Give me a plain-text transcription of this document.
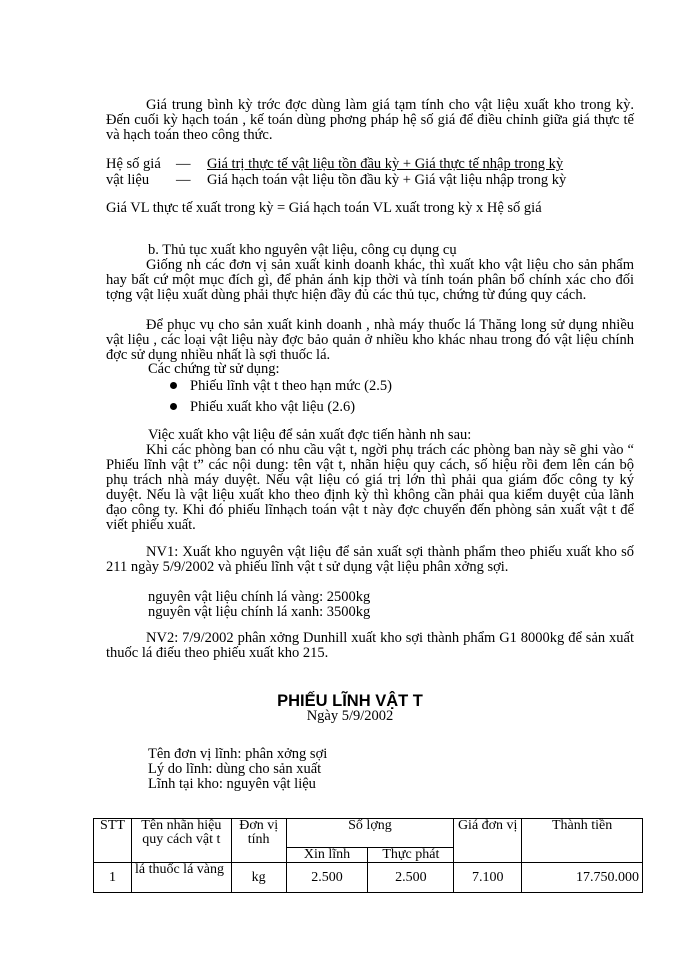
Giá trung bình kỳ trớc đợc dùng làm giá tạm tính cho vật liệu xuất kho trong kỳ. Đến cuối kỳ hạch toán , kế toán dùng phơng pháp hệ số giá để điều chỉnh giữa giá thực tế và hạch toán theo công thức.
Hệ số giá — Giá trị thực tế vật liệu tồn đầu kỳ + Giá thực tế nhập trong kỳ
vật liệu — Giá hạch toán vật liệu tồn đầu kỳ + Giá vật liệu nhập trong kỳ
Giá VL thực tế xuất trong kỳ = Giá hạch toán VL xuất trong kỳ x Hệ số giá
b. Thủ tục xuất kho nguyên vật liệu, công cụ dụng cụ
Giống nh các đơn vị sản xuất kinh doanh khác, thì xuất kho vật liệu cho sản phẩm hay bất cứ một mục đích gì, để phản ánh kịp thời và tính toán phân bổ chính xác cho đối tợng vật liệu xuất dùng phải thực hiện đầy đủ các thủ tục, chứng từ đúng quy cách.
Để phục vụ cho sản xuất kinh doanh , nhà máy thuốc lá Thăng long sử dụng nhiều vật liệu , các loại vật liệu này đợc bảo quản ở nhiều kho khác nhau trong đó vật liệu chính đợc sử dụng nhiều nhất là sợi thuốc lá.
Các chứng từ sử dụng:
Phiếu lĩnh vật t theo hạn mức (2.5)
Phiếu xuất kho vật liệu (2.6)
Việc xuất kho vật liệu để sản xuất đợc tiến hành nh sau:
Khi các phòng ban có nhu cầu vật t, ngời phụ trách các phòng ban này sẽ ghi vào “ Phiếu lĩnh vật t” các nội dung: tên vật t, nhãn hiệu quy cách, số hiệu rồi đem lên cán bộ phụ trách nhà máy duyệt. Nếu vật liệu có giá trị lớn thì phải qua giám đốc công ty ký duyệt. Nếu là vật liệu xuất kho theo định kỳ thì không cần phải qua kiểm duyệt của lãnh đạo công ty. Khi đó phiếu lĩnhạch toán vật t này đợc chuyển đến phòng sản xuất vật t để viết phiếu xuất.
NV1: Xuất kho nguyên vật liệu để sản xuất sợi thành phẩm theo phiếu xuất kho số 211 ngày 5/9/2002 và phiếu lĩnh vật t sử dụng vật liệu phân xởng sợi.
nguyên vật liệu chính lá vàng: 2500kg
nguyên vật liệu chính lá xanh: 3500kg
NV2: 7/9/2002 phân xởng Dunhill xuất kho sợi thành phẩm G1 8000kg để sản xuất thuốc lá điếu theo phiếu xuất kho 215.
PHIẾU LĨNH VẬT T
Ngày 5/9/2002
Tên đơn vị lĩnh: phân xởng sợi
Lý do lĩnh: dùng cho sản xuất
Lĩnh tại kho: nguyên vật liệu
STT	Tên nhãn hiệu quy cách vật t	Đơn vị tính	Số lợng		Giá đơn vị	Thành tiền
			Xin lĩnh	Thực phát		
1	lá thuốc lá vàng	kg	2.500	2.500	7.100	17.750.000
